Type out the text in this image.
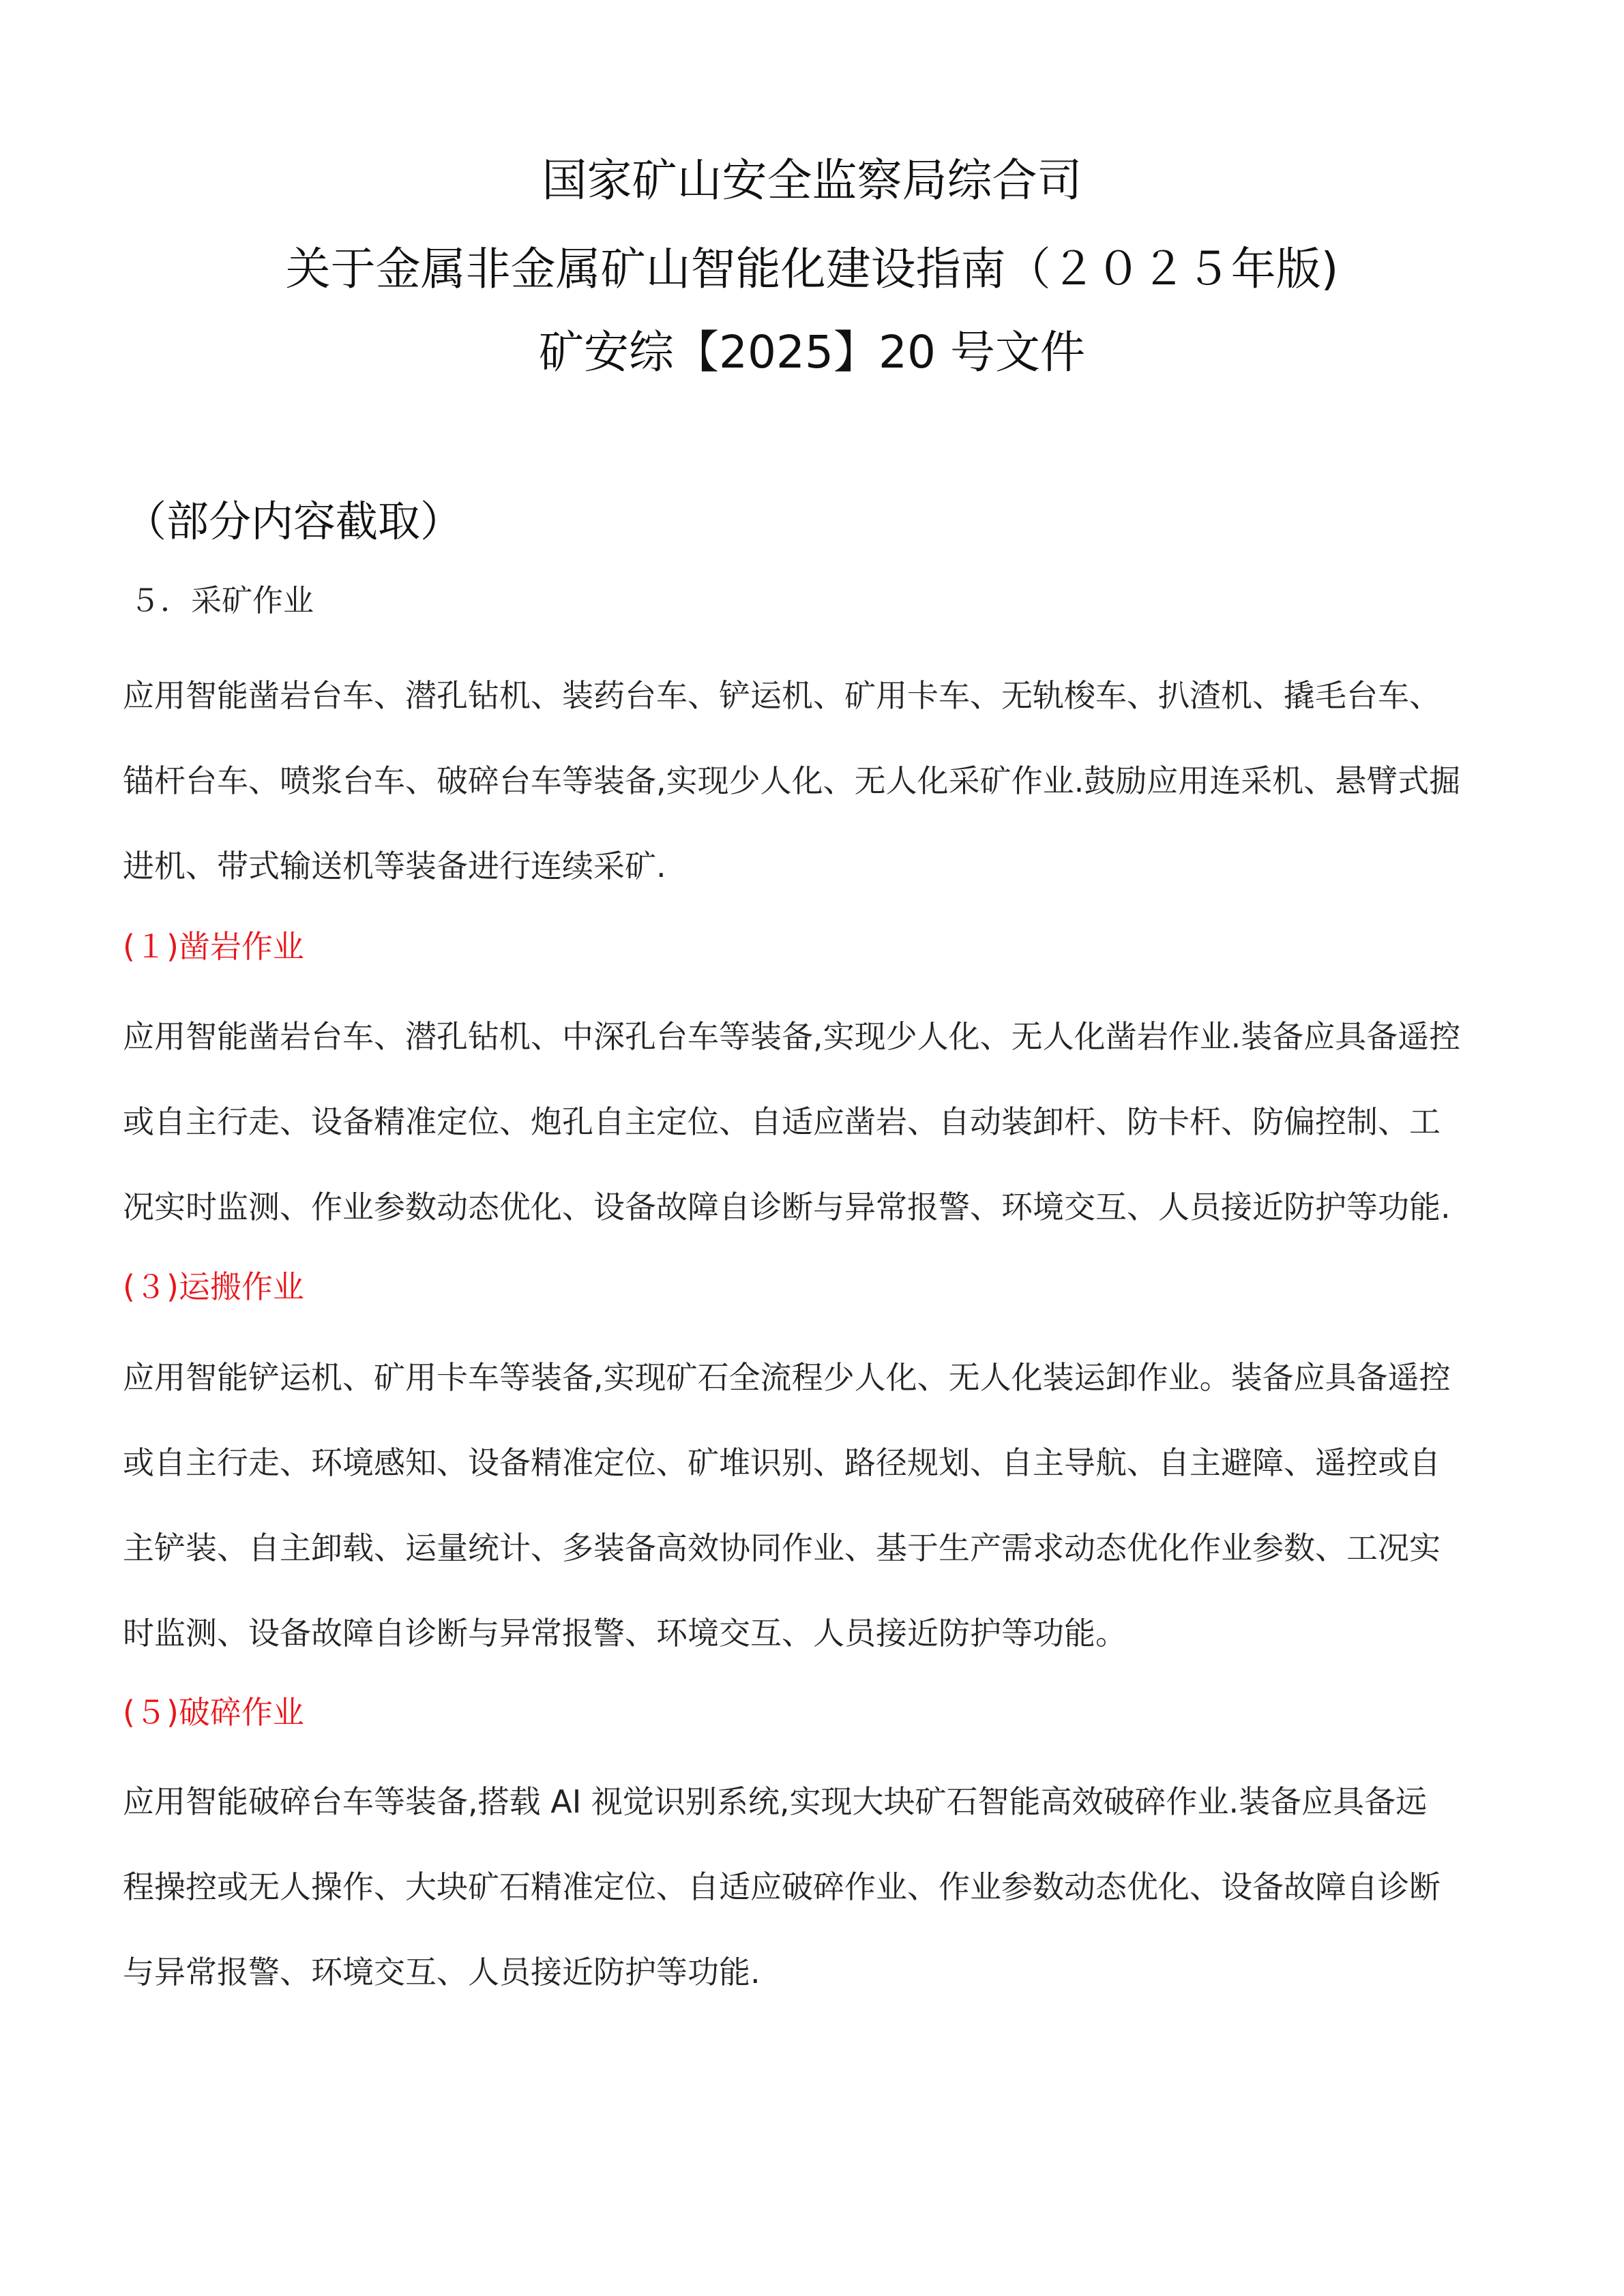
国家矿山安全监察局综合司
关于金属非金属矿山智能化建设指南（２０２５年版)
矿安综【2025】20 号文件
（部分内容截取）
５．采矿作业
应用智能凿岩台车、潜孔钻机、装药台车、铲运机、矿用卡车、无轨梭车、扒渣机、撬毛台车、
锚杆台车、喷浆台车、破碎台车等装备,实现少人化、无人化采矿作业.鼓励应用连采机、悬臂式掘
进机、带式输送机等装备进行连续采矿.
(１)凿岩作业
应用智能凿岩台车、潜孔钻机、中深孔台车等装备,实现少人化、无人化凿岩作业.装备应具备遥控
或自主行走、设备精准定位、炮孔自主定位、自适应凿岩、自动装卸杆、防卡杆、防偏控制、工
况实时监测、作业参数动态优化、设备故障自诊断与异常报警、环境交互、人员接近防护等功能.
(３)运搬作业
应用智能铲运机、矿用卡车等装备,实现矿石全流程少人化、无人化装运卸作业。装备应具备遥控
或自主行走、环境感知、设备精准定位、矿堆识别、路径规划、自主导航、自主避障、遥控或自
主铲装、自主卸载、运量统计、多装备高效协同作业、基于生产需求动态优化作业参数、工况实
时监测、设备故障自诊断与异常报警、环境交互、人员接近防护等功能。
(５)破碎作业
应用智能破碎台车等装备,搭载 AI 视觉识别系统,实现大块矿石智能高效破碎作业.装备应具备远
程操控或无人操作、大块矿石精准定位、自适应破碎作业、作业参数动态优化、设备故障自诊断
与异常报警、环境交互、人员接近防护等功能.
